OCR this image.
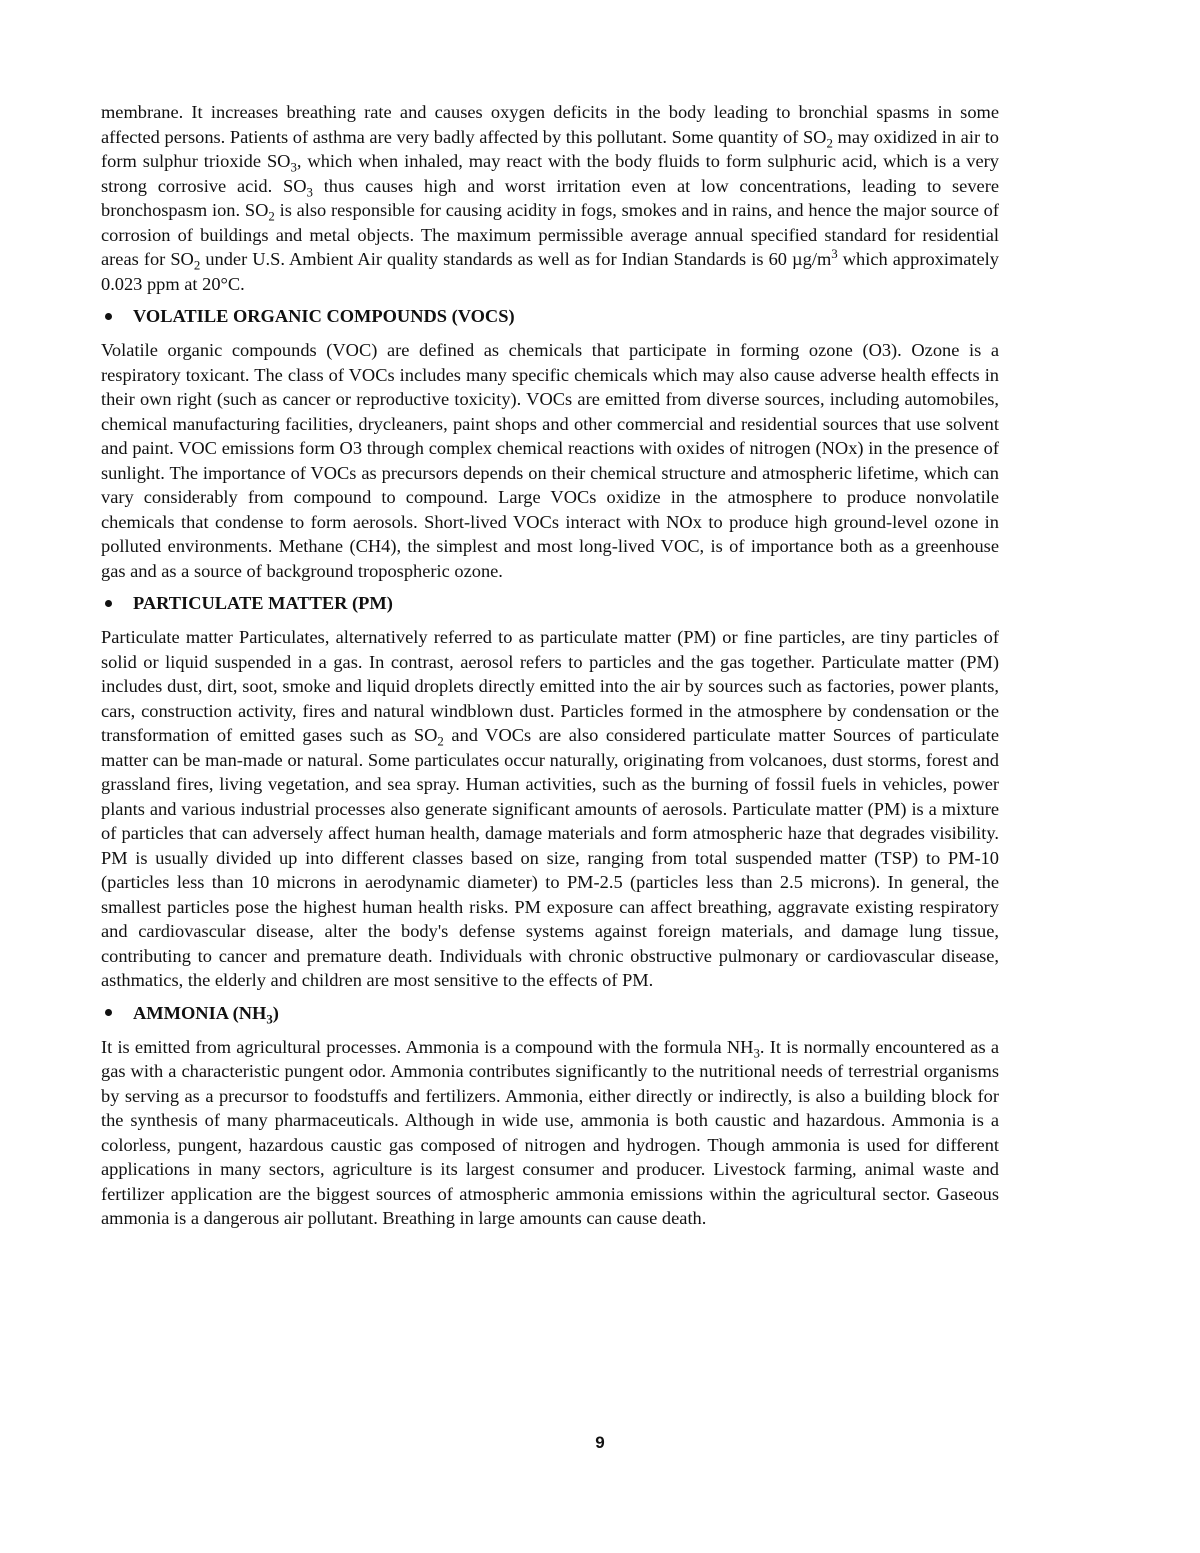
membrane. It increases breathing rate and causes oxygen deficits in the body leading to bronchial spasms in some affected persons. Patients of asthma are very badly affected by this pollutant. Some quantity of $SO_2$ may oxidized in air to form sulphur trioxide $SO_3$, which when inhaled, may react with the body fluids to form sulphuric acid, which is a very strong corrosive acid. $SO_3$ thus causes high and worst irritation even at low concentrations, leading to severe bronchospasm ion. $SO_2$ is also responsible for causing acidity in fogs, smokes and in rains, and hence the major source of corrosion of buildings and metal objects. The maximum permissible average annual specified standard for residential areas for $SO_2$ under U.S. Ambient Air quality standards as well as for Indian Standards is 60 $\mu g/m^3$ which approximately 0.023 ppm at 20°C.

VOLATILE ORGANIC COMPOUNDS (VOCS)

Volatile organic compounds (VOC) are defined as chemicals that participate in forming ozone (O3). Ozone is a respiratory toxicant. The class of VOCs includes many specific chemicals which may also cause adverse health effects in their own right (such as cancer or reproductive toxicity). VOCs are emitted from diverse sources, including automobiles, chemical manufacturing facilities, drycleaners, paint shops and other commercial and residential sources that use solvent and paint. VOC emissions form O3 through complex chemical reactions with oxides of nitrogen (NOx) in the presence of sunlight. The importance of VOCs as precursors depends on their chemical structure and atmospheric lifetime, which can vary considerably from compound to compound. Large VOCs oxidize in the atmosphere to produce nonvolatile chemicals that condense to form aerosols. Short-lived VOCs interact with NOx to produce high ground-level ozone in polluted environments. Methane (CH4), the simplest and most long-lived VOC, is of importance both as a greenhouse gas and as a source of background tropospheric ozone.

PARTICULATE MATTER (PM)

Particulate matter Particulates, alternatively referred to as particulate matter (PM) or fine particles, are tiny particles of solid or liquid suspended in a gas. In contrast, aerosol refers to particles and the gas together. Particulate matter (PM) includes dust, dirt, soot, smoke and liquid droplets directly emitted into the air by sources such as factories, power plants, cars, construction activity, fires and natural windblown dust. Particles formed in the atmosphere by condensation or the transformation of emitted gases such as $SO_2$ and VOCs are also considered particulate matter Sources of particulate matter can be man-made or natural. Some particulates occur naturally, originating from volcanoes, dust storms, forest and grassland fires, living vegetation, and sea spray. Human activities, such as the burning of fossil fuels in vehicles, power plants and various industrial processes also generate significant amounts of aerosols. Particulate matter (PM) is a mixture of particles that can adversely affect human health, damage materials and form atmospheric haze that degrades visibility. PM is usually divided up into different classes based on size, ranging from total suspended matter (TSP) to PM-10 (particles less than 10 microns in aerodynamic diameter) to PM-2.5 (particles less than 2.5 microns). In general, the smallest particles pose the highest human health risks. PM exposure can affect breathing, aggravate existing respiratory and cardiovascular disease, alter the body's defense systems against foreign materials, and damage lung tissue, contributing to cancer and premature death. Individuals with chronic obstructive pulmonary or cardiovascular disease, asthmatics, the elderly and children are most sensitive to the effects of PM.

AMMONIA $(NH_3)$

It is emitted from agricultural processes. Ammonia is a compound with the formula $NH_3$. It is normally encountered as a gas with a characteristic pungent odor. Ammonia contributes significantly to the nutritional needs of terrestrial organisms by serving as a precursor to foodstuffs and fertilizers. Ammonia, either directly or indirectly, is also a building block for the synthesis of many pharmaceuticals. Although in wide use, ammonia is both caustic and hazardous. Ammonia is a colorless, pungent, hazardous caustic gas composed of nitrogen and hydrogen. Though ammonia is used for different applications in many sectors, agriculture is its largest consumer and producer. Livestock farming, animal waste and fertilizer application are the biggest sources of atmospheric ammonia emissions within the agricultural sector. Gaseous ammonia is a dangerous air pollutant. Breathing in large amounts can cause death.

9
